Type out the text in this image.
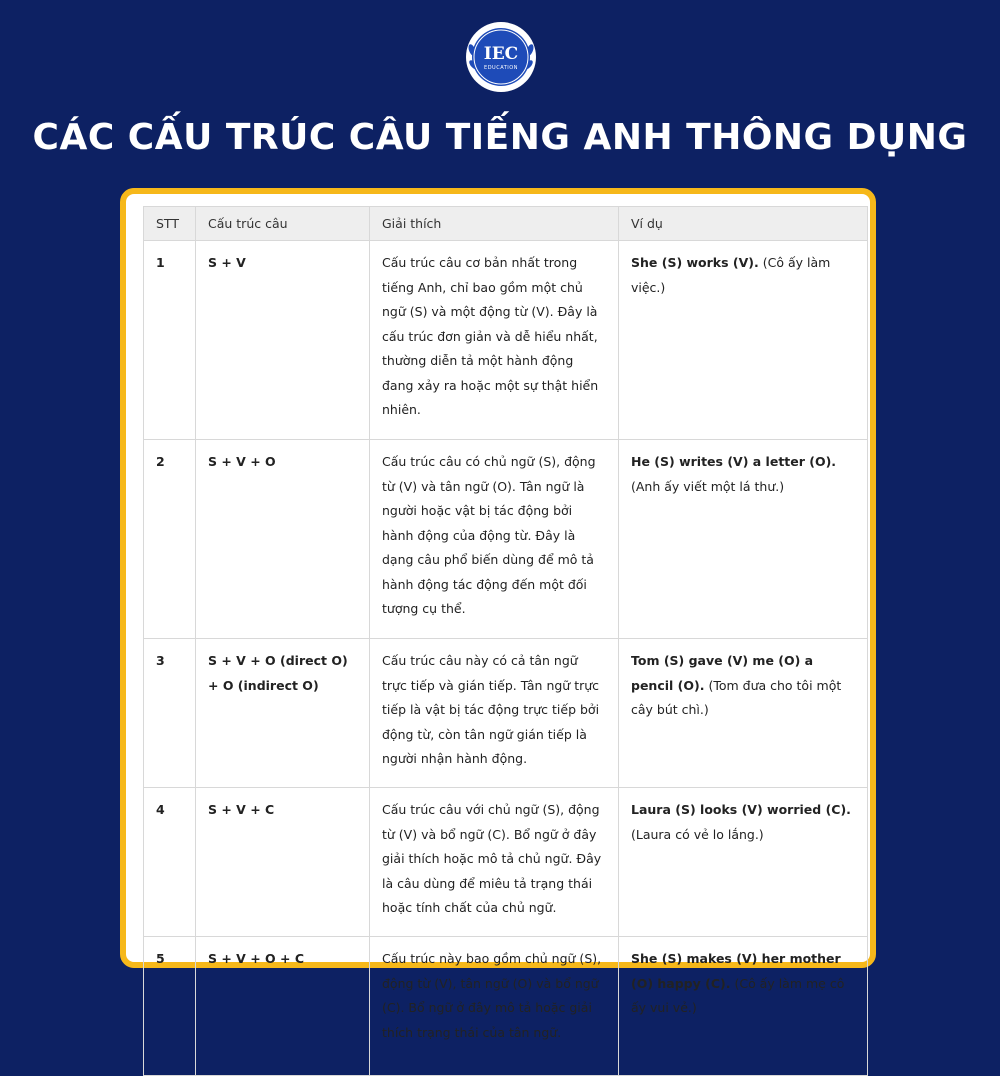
IEC
EDUCATION
CÁC CẤU TRÚC CÂU TIẾNG ANH THÔNG DỤNG
STT	Cấu trúc câu	Giải thích	Ví dụ
1	S + V	Cấu trúc câu cơ bản nhất trong tiếng Anh, chỉ bao gồm một chủ ngữ (S) và một động từ (V). Đây là cấu trúc đơn giản và dễ hiểu nhất, thường diễn tả một hành động đang xảy ra hoặc một sự thật hiển nhiên.	She (S) works (V). (Cô ấy làm việc.)
2	S + V + O	Cấu trúc câu có chủ ngữ (S), động từ (V) và tân ngữ (O). Tân ngữ là người hoặc vật bị tác động bởi hành động của động từ. Đây là dạng câu phổ biến dùng để mô tả hành động tác động đến một đối tượng cụ thể.	He (S) writes (V) a letter (O). (Anh ấy viết một lá thư.)
3	S + V + O (direct O) + O (indirect O)	Cấu trúc câu này có cả tân ngữ trực tiếp và gián tiếp. Tân ngữ trực tiếp là vật bị tác động trực tiếp bởi động từ, còn tân ngữ gián tiếp là người nhận hành động.	Tom (S) gave (V) me (O) a pencil (O). (Tom đưa cho tôi một cây bút chì.)
4	S + V + C	Cấu trúc câu với chủ ngữ (S), động từ (V) và bổ ngữ (C). Bổ ngữ ở đây giải thích hoặc mô tả chủ ngữ. Đây là câu dùng để miêu tả trạng thái hoặc tính chất của chủ ngữ.	Laura (S) looks (V) worried (C). (Laura có vẻ lo lắng.)
5	S + V + O + C	Cấu trúc này bao gồm chủ ngữ (S), động từ (V), tân ngữ (O) và bổ ngữ (C). Bổ ngữ ở đây mô tả hoặc giải thích trạng thái của tân ngữ.	She (S) makes (V) her mother (O) happy (C). (Cô ấy làm mẹ cô ấy vui vẻ.)
